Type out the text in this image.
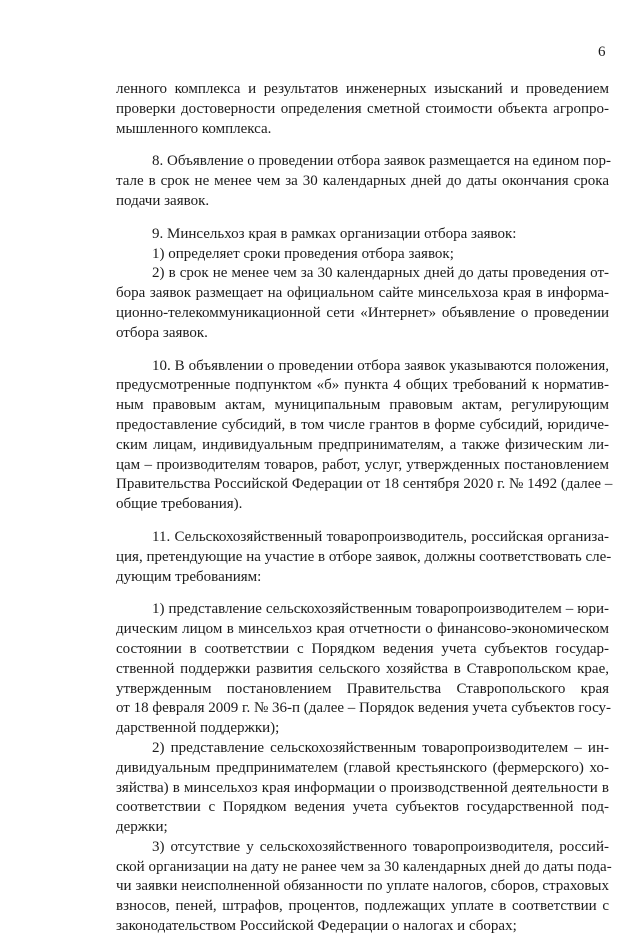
6
ленного комплекса и результатов инженерных изысканий и проведением
проверки достоверности определения сметной стоимости объекта агропро-
мышленного комплекса.
8. Объявление о проведении отбора заявок размещается на едином пор-
тале в срок не менее чем за 30 календарных дней до даты окончания срока
подачи заявок.
9. Минсельхоз края в рамках организации отбора заявок:
1) определяет сроки проведения отбора заявок;
2) в срок не менее чем за 30 календарных дней до даты проведения от-
бора заявок размещает на официальном сайте минсельхоза края в информа-
ционно-телекоммуникационной сети «Интернет» объявление о проведении
отбора заявок.
10. В объявлении о проведении отбора заявок указываются положения,
предусмотренные подпунктом «б» пункта 4 общих требований к норматив-
ным правовым актам, муниципальным правовым актам, регулирующим
предоставление субсидий, в том числе грантов в форме субсидий, юридиче-
ским лицам, индивидуальным предпринимателям, а также физическим ли-
цам – производителям товаров, работ, услуг, утвержденных постановлением
Правительства Российской Федерации от 18 сентября 2020 г. № 1492 (далее –
общие требования).
11. Сельскохозяйственный товаропроизводитель, российская организа-
ция, претендующие на участие в отборе заявок, должны соответствовать сле-
дующим требованиям:
1) представление сельскохозяйственным товаропроизводителем – юри-
дическим лицом в минсельхоз края отчетности о финансово-экономическом
состоянии в соответствии с Порядком ведения учета субъектов государ-
ственной поддержки развития сельского хозяйства в Ставропольском крае,
утвержденным постановлением Правительства Ставропольского края
от 18 февраля 2009 г. № 36-п (далее – Порядок ведения учета субъектов госу-
дарственной поддержки);
2) представление сельскохозяйственным товаропроизводителем – ин-
дивидуальным предпринимателем (главой крестьянского (фермерского) хо-
зяйства) в минсельхоз края информации о производственной деятельности в
соответствии с Порядком ведения учета субъектов государственной под-
держки;
3) отсутствие у сельскохозяйственного товаропроизводителя, россий-
ской организации на дату не ранее чем за 30 календарных дней до даты пода-
чи заявки неисполненной обязанности по уплате налогов, сборов, страховых
взносов, пеней, штрафов, процентов, подлежащих уплате в соответствии с
законодательством Российской Федерации о налогах и сборах;
